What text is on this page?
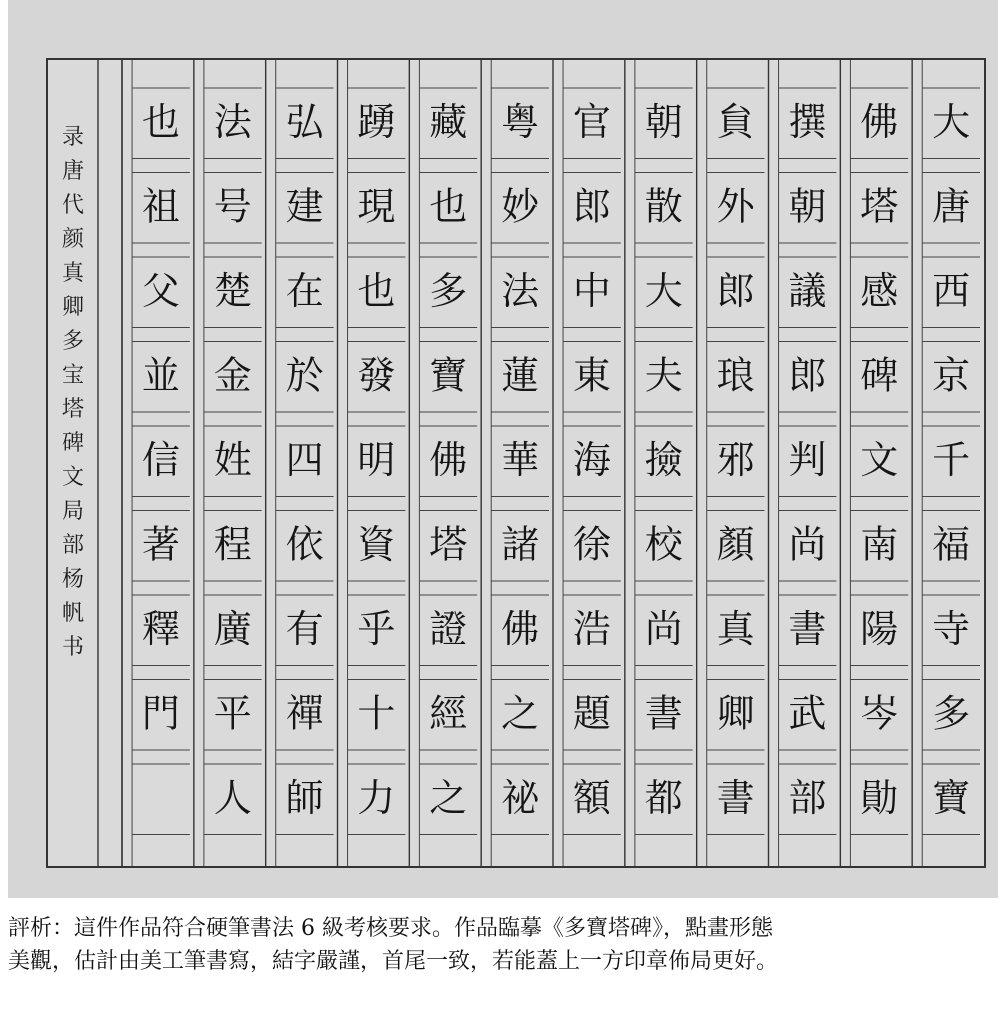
录
唐
代
颜
真
卿
多
宝
塔
碑
文
局
部
杨
帆
书
大
唐
西
京
千
福
寺
多
寶
佛
塔
感
碑
文
南
陽
岑
勛
撰
朝
議
郎
判
尚
書
武
部
貟
外
郎
琅
邪
顏
真
卿
書
朝
散
大
夫
撿
校
尚
書
都
官
郎
中
東
海
徐
浩
題
額
粤
妙
法
蓮
華
諸
佛
之
祕
藏
也
多
寶
佛
塔
證
經
之
踴
現
也
發
明
資
乎
十
力
弘
建
在
於
四
依
有
禪
師
法
号
楚
金
姓
程
廣
平
人
也
祖
父
並
信
著
釋
門
評析：這件作品符合硬筆書法 6 級考核要求。作品臨摹《多寶塔碑》，點畫形態
美觀，估計由美工筆書寫，結字嚴謹，首尾一致，若能蓋上一方印章佈局更好。
